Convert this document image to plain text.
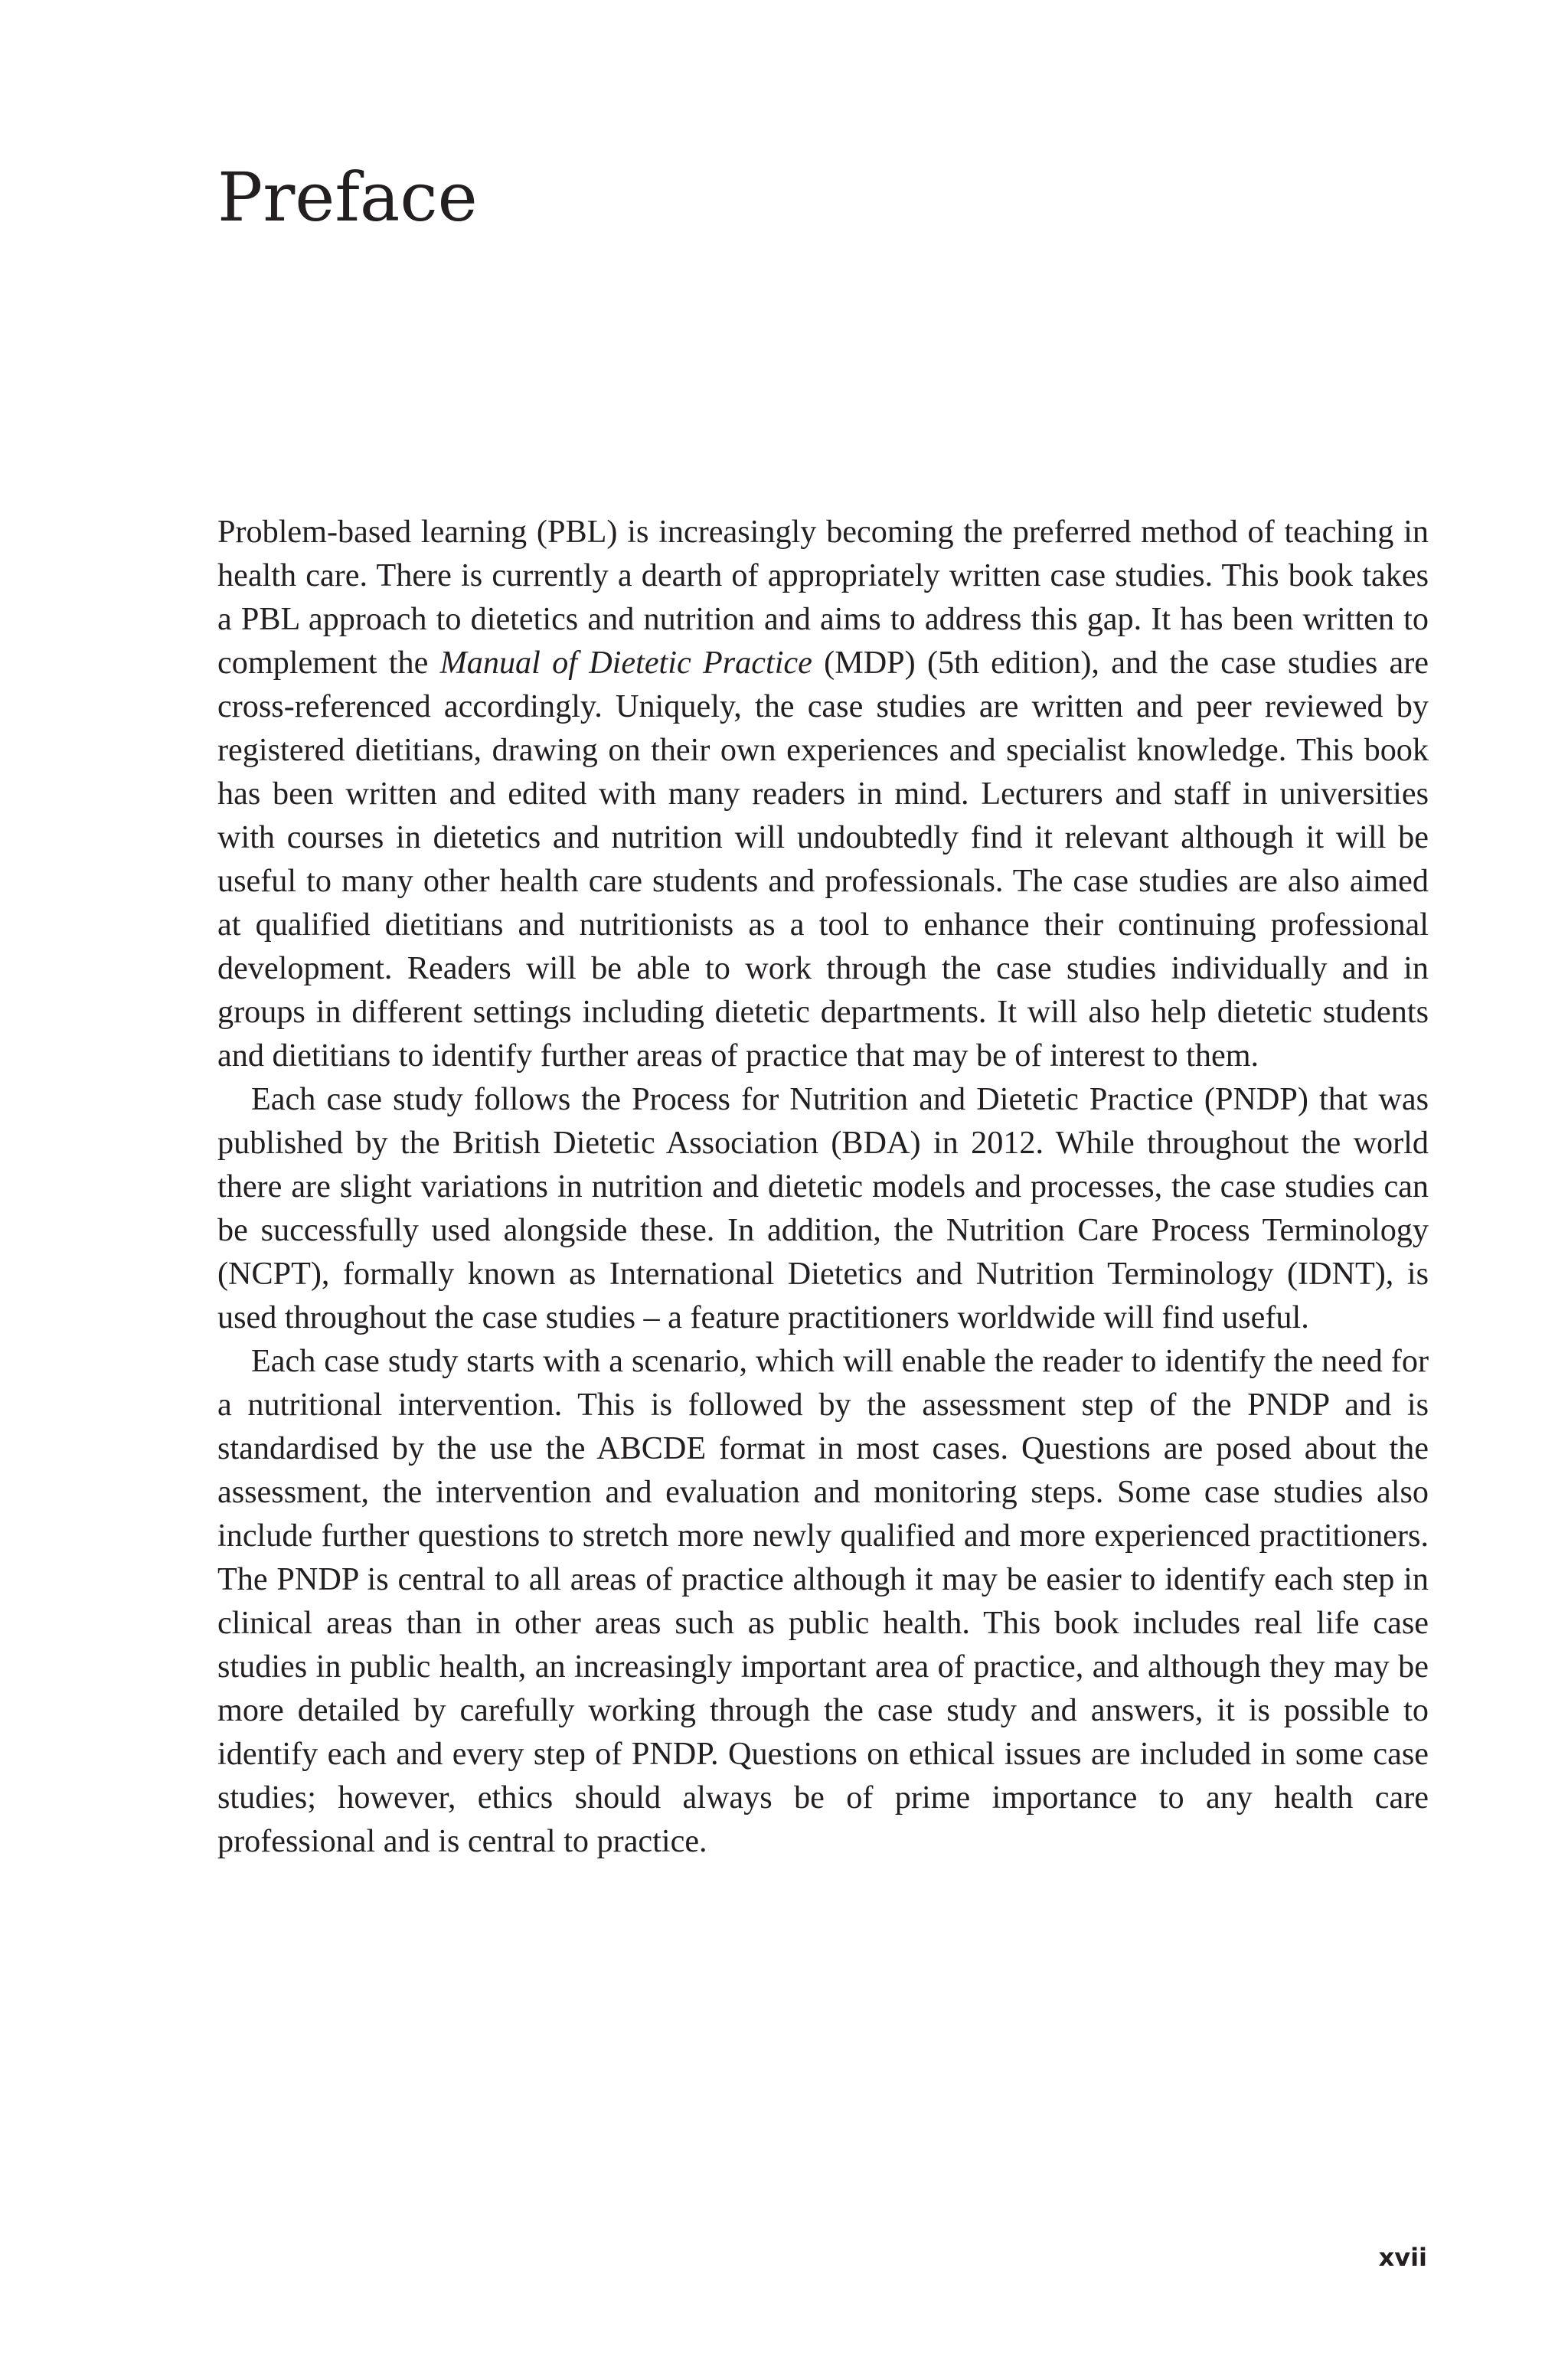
Preface

Problem-based learning (PBL) is increasingly becoming the preferred method of teaching in health care. There is currently a dearth of appropriately written case studies. This book takes a PBL approach to dietetics and nutrition and aims to address this gap. It has been written to complement the Manual of Dietetic Practice (MDP) (5th edition), and the case studies are cross-referenced accordingly. Uniquely, the case studies are written and peer reviewed by registered dietitians, drawing on their own experiences and specialist knowledge. This book has been written and edited with many readers in mind. Lecturers and staff in universities with courses in dietetics and nutrition will undoubtedly find it relevant although it will be useful to many other health care students and professionals. The case studies are also aimed at qualified dietitians and nutritionists as a tool to enhance their continuing professional development. Readers will be able to work through the case studies individually and in groups in different settings including dietetic departments. It will also help dietetic students and dietitians to identify further areas of practice that may be of interest to them.

Each case study follows the Process for Nutrition and Dietetic Practice (PNDP) that was published by the British Dietetic Association (BDA) in 2012. While throughout the world there are slight variations in nutrition and dietetic models and processes, the case studies can be successfully used alongside these. In addition, the Nutrition Care Process Terminology (NCPT), formally known as International Dietetics and Nutrition Terminology (IDNT), is used throughout the case studies – a feature practitioners worldwide will find useful.

Each case study starts with a scenario, which will enable the reader to identify the need for a nutritional intervention. This is followed by the assessment step of the PNDP and is standardised by the use the ABCDE format in most cases. Questions are posed about the assessment, the intervention and evaluation and monitoring steps. Some case studies also include further questions to stretch more newly qualified and more experienced practitioners. The PNDP is central to all areas of practice although it may be easier to identify each step in clinical areas than in other areas such as public health. This book includes real life case studies in public health, an increasingly important area of practice, and although they may be more detailed by carefully working through the case study and answers, it is possible to identify each and every step of PNDP. Questions on ethical issues are included in some case studies; however, ethics should always be of prime importance to any health care professional and is central to practice.

xvii
